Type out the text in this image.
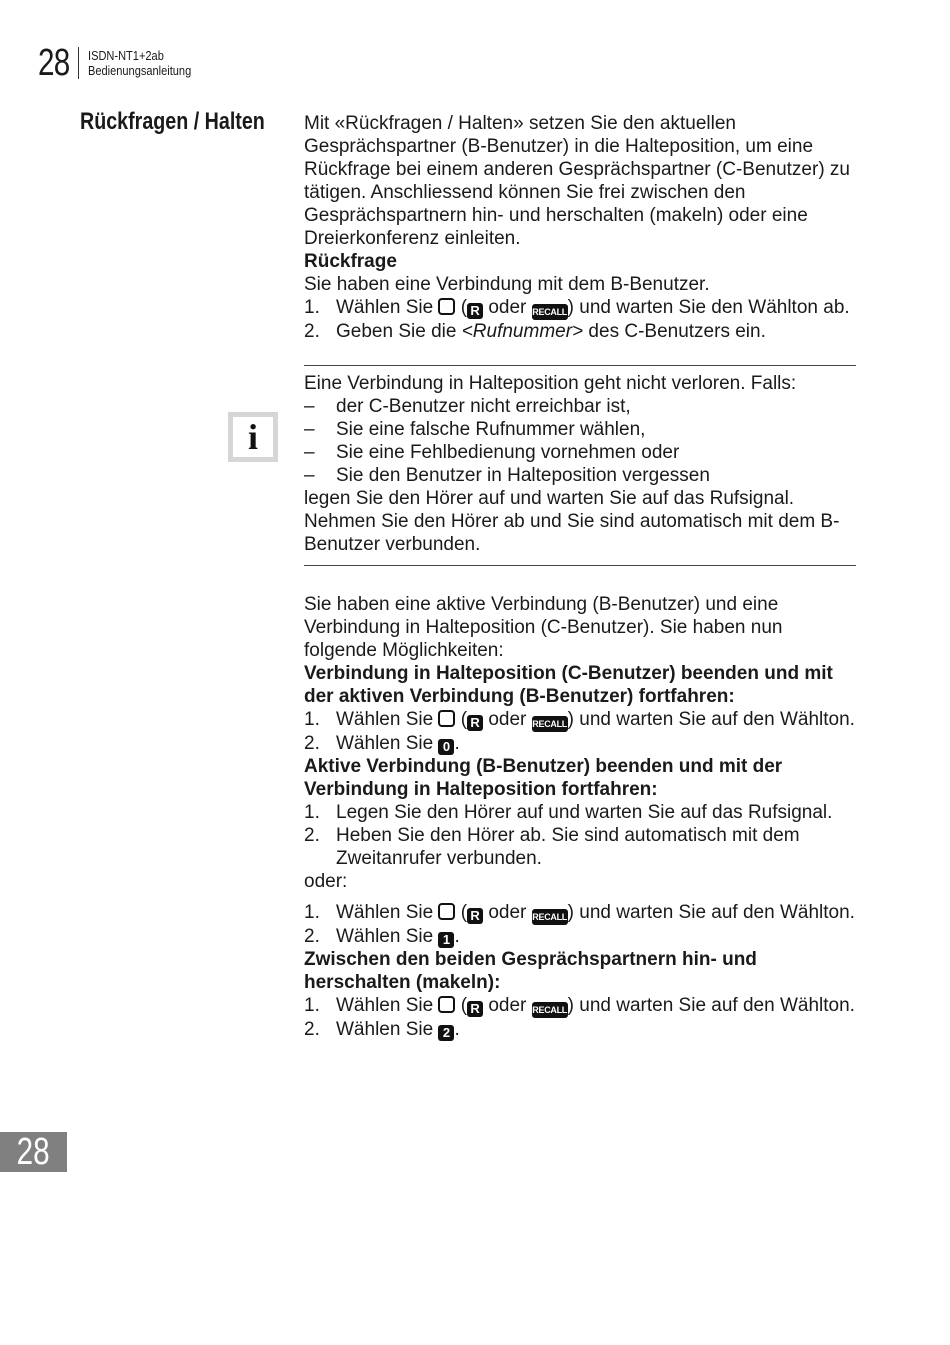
28 ISDN-NT1+2ab
Bedienungsanleitung
Rückfragen / Halten
i

Mit «Rückfragen / Halten» setzen Sie den aktuellen Gesprächspartner (B-Benutzer) in die Halteposition, um eine Rückfrage bei einem anderen Gesprächspartner (C-Benutzer) zu tätigen. Anschliessend können Sie frei zwischen den Gesprächspartnern hin- und herschalten (makeln) oder eine Dreierkonferenz einleiten.

Rückfrage

Sie haben eine Verbindung mit dem B-Benutzer.

1. Wählen Sie ( R oder RECALL) und warten Sie den Wählton ab.
2. Geben Sie die <Rufnummer> des C-Benutzers ein.

Eine Verbindung in Halteposition geht nicht verloren. Falls:

–	der C-Benutzer nicht erreichbar ist,
–	Sie eine falsche Rufnummer wählen,
–	Sie eine Fehlbedienung vornehmen oder
–	Sie den Benutzer in Halteposition vergessen

legen Sie den Hörer auf und warten Sie auf das Rufsignal. Nehmen Sie den Hörer ab und Sie sind automatisch mit dem B-Benutzer verbunden.

Sie haben eine aktive Verbindung (B-Benutzer) und eine Verbindung in Halteposition (C-Benutzer). Sie haben nun folgende Möglichkeiten:

Verbindung in Halteposition (C-Benutzer) beenden und mit der aktiven Verbindung (B-Benutzer) fortfahren:

1. Wählen Sie ( R oder RECALL) und warten Sie auf den Wählton.
2. Wählen Sie 0 .

Aktive Verbindung (B-Benutzer) beenden und mit der Verbindung in Halteposition fortfahren:

1. Legen Sie den Hörer auf und warten Sie auf das Rufsignal.
2. Heben Sie den Hörer ab. Sie sind automatisch mit dem Zweitanrufer verbunden.

oder:

1. Wählen Sie ( R oder RECALL) und warten Sie auf den Wählton.
2. Wählen Sie 1 .

Zwischen den beiden Gesprächspartnern hin- und herschalten (makeln):

1. Wählen Sie ( R oder RECALL) und warten Sie auf den Wählton.
2. Wählen Sie 2 .
28
